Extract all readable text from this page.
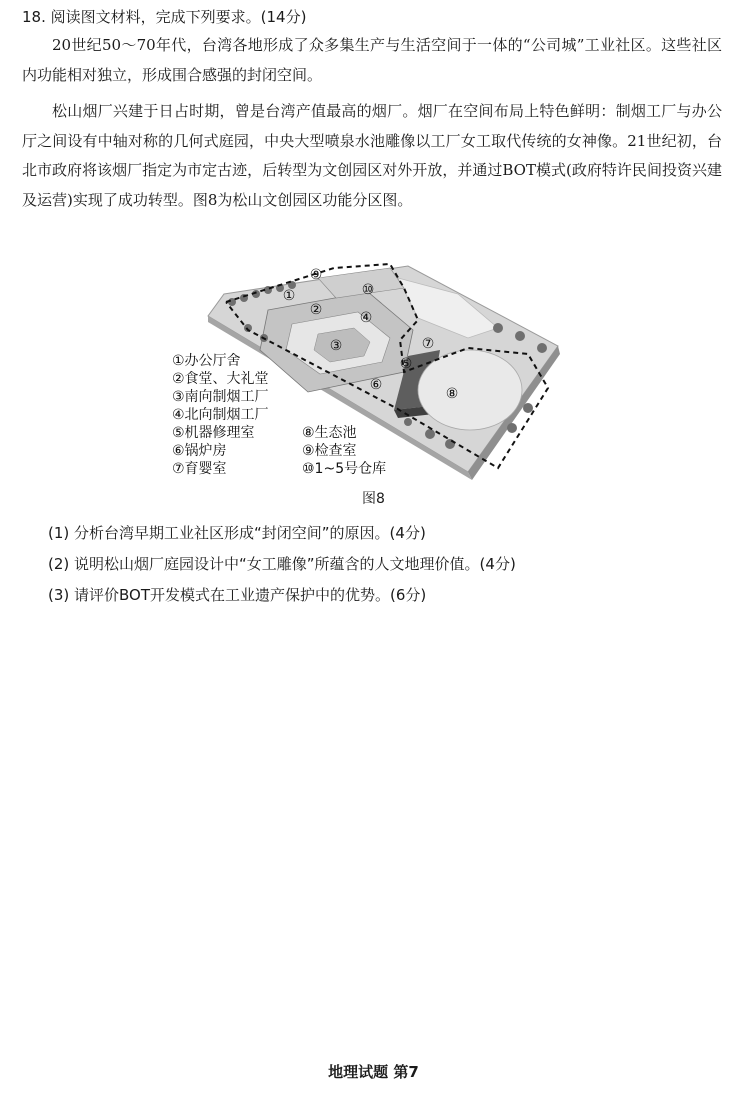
18. 阅读图文材料，完成下列要求。(14分)

20世纪50～70年代，台湾各地形成了众多集生产与生活空间于一体的“公司城”工业社区。这些社区内功能相对独立，形成围合感强的封闭空间。

松山烟厂兴建于日占时期，曾是台湾产值最高的烟厂。烟厂在空间布局上特色鲜明：制烟工厂与办公厅之间设有中轴对称的几何式庭园，中央大型喷泉水池雕像以工厂女工取代传统的女神像。21世纪初，台北市政府将该烟厂指定为市定古迹，后转型为文创园区对外开放，并通过BOT模式(政府特许民间投资兴建及运营)实现了成功转型。图8为松山文创园区功能分区图。

⑨
⑩
①
②	④
③	⑦
⑤
⑥
⑧
①办公厅舍
②食堂、大礼堂
③南向制烟工厂
④北向制烟工厂
⑤机器修理室
⑥锅炉房
⑦育婴室
⑧生态池
⑨检查室
⑩1~5号仓库
图8
(1) 分析台湾早期工业社区形成“封闭空间”的原因。(4分)
(2) 说明松山烟厂庭园设计中“女工雕像”所蕴含的人文地理价值。(4分)
(3) 请评价BOT开发模式在工业遗产保护中的优势。(6分)
地理试题 第7
